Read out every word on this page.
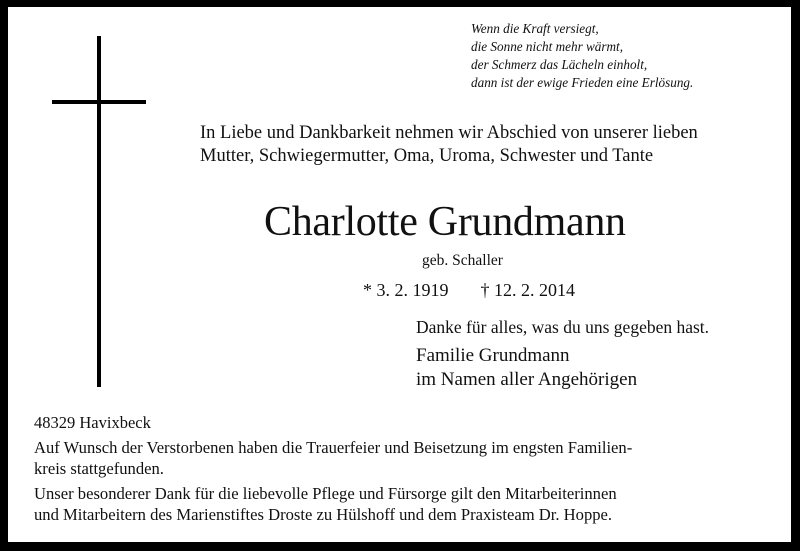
Wenn die Kraft versiegt,
die Sonne nicht mehr wärmt,
der Schmerz das Lächeln einholt,
dann ist der ewige Frieden eine Erlösung.
In Liebe und Dankbarkeit nehmen wir Abschied von unserer lieben
Mutter, Schwiegermutter, Oma, Uroma, Schwester und Tante
Charlotte Grundmann
geb. Schaller
* 3. 2. 1919 † 12. 2. 2014
Danke für alles, was du uns gegeben hast.
Familie Grundmann
im Namen aller Angehörigen
48329 Havixbeck
Auf Wunsch der Verstorbenen haben die Trauerfeier und Beisetzung im engsten Familien-
kreis stattgefunden.
Unser besonderer Dank für die liebevolle Pflege und Fürsorge gilt den Mitarbeiterinnen
und Mitarbeitern des Marienstiftes Droste zu Hülshoff und dem Praxisteam Dr. Hoppe.
